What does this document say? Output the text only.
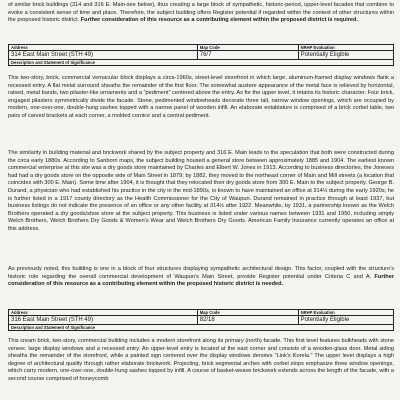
of similar brick buildings (314 and 316 E. Main-see below), thus creating a large block of sympathetic, historic-period, upper-level facades that combine to evoke a consistent sense of time and place. Therefore, the subject building offers Register potential if regarded within the context of other structures within the proposed historic district. Further consideration of this resource as a contributing element within the proposed district is required.

Address	Map Code	NRHP Evaluation
314 East Main Street (STH 49)	76/7	Potentially Eligible
Description and Statement of Significance		

This two-story, brick, commercial vernacular block displays a circa-1960s, street-level storefront in which large, aluminum-framed display windows flank a recessed entry. A flat metal surround sheaths the remainder of the first floor. The somewhat austere appearance of the metal face is relieved by horizontal, raised, metal bands, two pilaster-like ornaments and a "pediment" centered above the entry. As for the upper level, it retains its historic character. Four brick, engaged pilasters symmetrically divide the facade. Stone, pedimented windowheads decorate three tall, narrow window openings, which are occupied by modern, one-over-one, double-hung sashes topped with a narrow panel of wooden infill. An elaborate entablature is comprised of a brick corbel table, two pairs of carved brackets at each corner, a molded cornice and a central pediment.

The similarity in building material and brickwork shared by the subject property and 316 E. Main leads to the speculation that both were constructed during the circa early 1880s. According to Sanborn maps, the subject building housed a general store between approximately 1885 and 1904. The earliest known commercial enterprise at this site was a dry goods store maintained by Charles and Elbert W. Jones in 1913. According to business directories, the Joneses had had a dry goods store on the opposite side of Main Street in 1879; by 1882, they moved to the northeast corner of Main and Mill streets (a location that coincides with 300 E. Main). Some time after 1904, it is thought that they relocated their dry goods store from 300 E. Main to the subject property. George B. Durand, a physician who had established his practice in the city in the mid-1890s, is known to have maintained an office at 314½ during the early 1920s; he is further listed in a 1917 county directory as the Health Commissioner for the City of Waupun. Durand remained in practice through at least 1937, but business listings do not indicate the presence of an office or any other facility at 314½ after 1922. Meanwhile, by 1931, a partnership known as the Welch Brothers operated a dry goods/shoe store at the subject property. This business is listed under various names between 1931 and 1950, including simply Welch Brothers, Welch Brothers Dry Goods & Women's Wear and Welch Brothers Dry Goods. American Family Insurance currently operates an office at this address.

As previously noted, this building is one in a block of four structures displaying sympathetic architectural design. This factor, coupled with the structure's historic role regarding the overall commercial development of Waupun's Main Street, provide Register potential under Criteria C and A. Further consideration of this resource as a contributing element within the proposed historic district is needed.

Address	Map Code	NRHP Evaluation
316 East Main Street (STH 49)	82/18	Potentially Eligible
Description and Statement of Significance		

This cream brick, two-story, commercial building includes a modern storefront along its primary (north) facade. This first level features bulkheads with stone veneer, large display windows and a recessed entry. An upper-level entry is located at the east corner and consists of a wooden-glass door. Metal siding sheaths the remainder of the storefront, while a painted sign centered over the display windows denotes "Link's Korela." The upper level displays a high degree of architectural quality through rather elaborate brickwork. Projecting, brick segmental arches with corbel stops emphasize three window openings, which carry modern, one-over-one, double-hung sashes topped by infill. A course of basket-weave brickwork extends across the length of the facade, with a second course comprised of honeycomb
